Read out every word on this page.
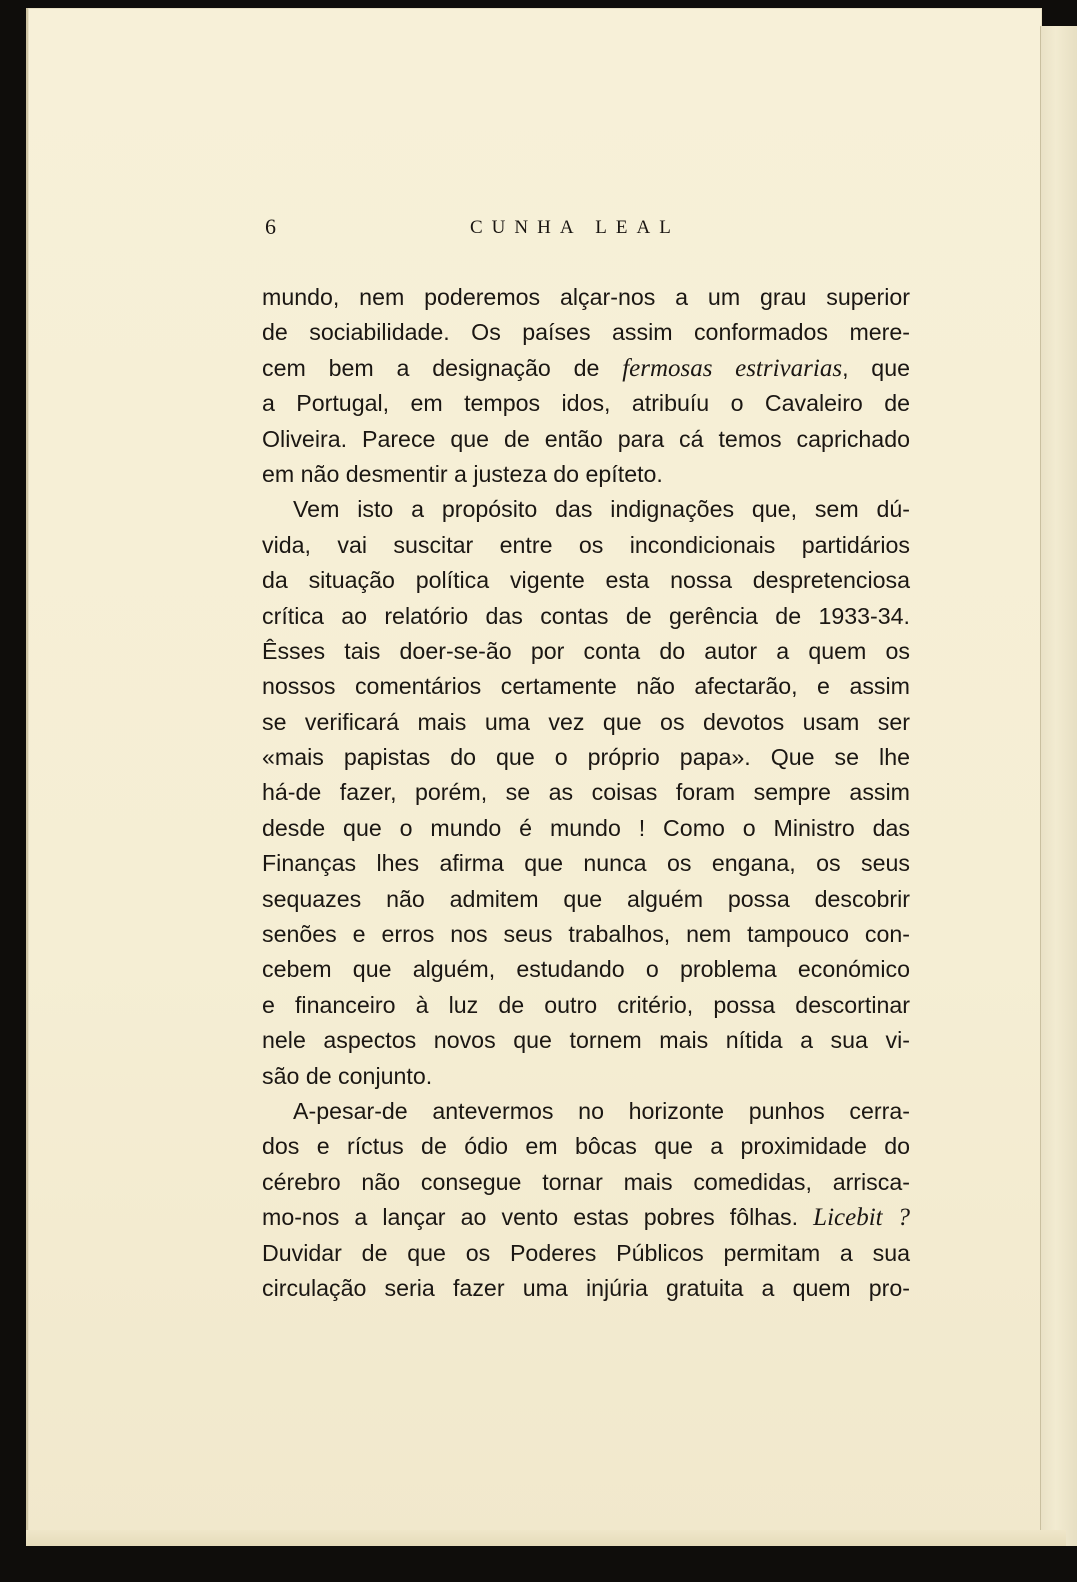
6	CUNHA LEAL
mundo, nem poderemos alçar-nos a um grau superior
de sociabilidade. Os países assim conformados mere-
cem bem a designação de fermosas estrivarias, que
a Portugal, em tempos idos, atribuíu o Cavaleiro de
Oliveira. Parece que de então para cá temos caprichado
em não desmentir a justeza do epíteto.
Vem isto a propósito das indignações que, sem dú-
vida, vai suscitar entre os incondicionais partidários
da situação política vigente esta nossa despretenciosa
crítica ao relatório das contas de gerência de 1933-34.
Êsses tais doer-se-ão por conta do autor a quem os
nossos comentários certamente não afectarão, e assim
se verificará mais uma vez que os devotos usam ser
«mais papistas do que o próprio papa». Que se lhe
há-de fazer, porém, se as coisas foram sempre assim
desde que o mundo é mundo ! Como o Ministro das
Finanças lhes afirma que nunca os engana, os seus
sequazes não admitem que alguém possa descobrir
senões e erros nos seus trabalhos, nem tampouco con-
cebem que alguém, estudando o problema económico
e financeiro à luz de outro critério, possa descortinar
nele aspectos novos que tornem mais nítida a sua vi-
são de conjunto.
A-pesar-de antevermos no horizonte punhos cerra-
dos e ríctus de ódio em bôcas que a proximidade do
cérebro não consegue tornar mais comedidas, arrisca-
mo-nos a lançar ao vento estas pobres fôlhas. Licebit ?
Duvidar de que os Poderes Públicos permitam a sua
circulação seria fazer uma injúria gratuita a quem pro-
